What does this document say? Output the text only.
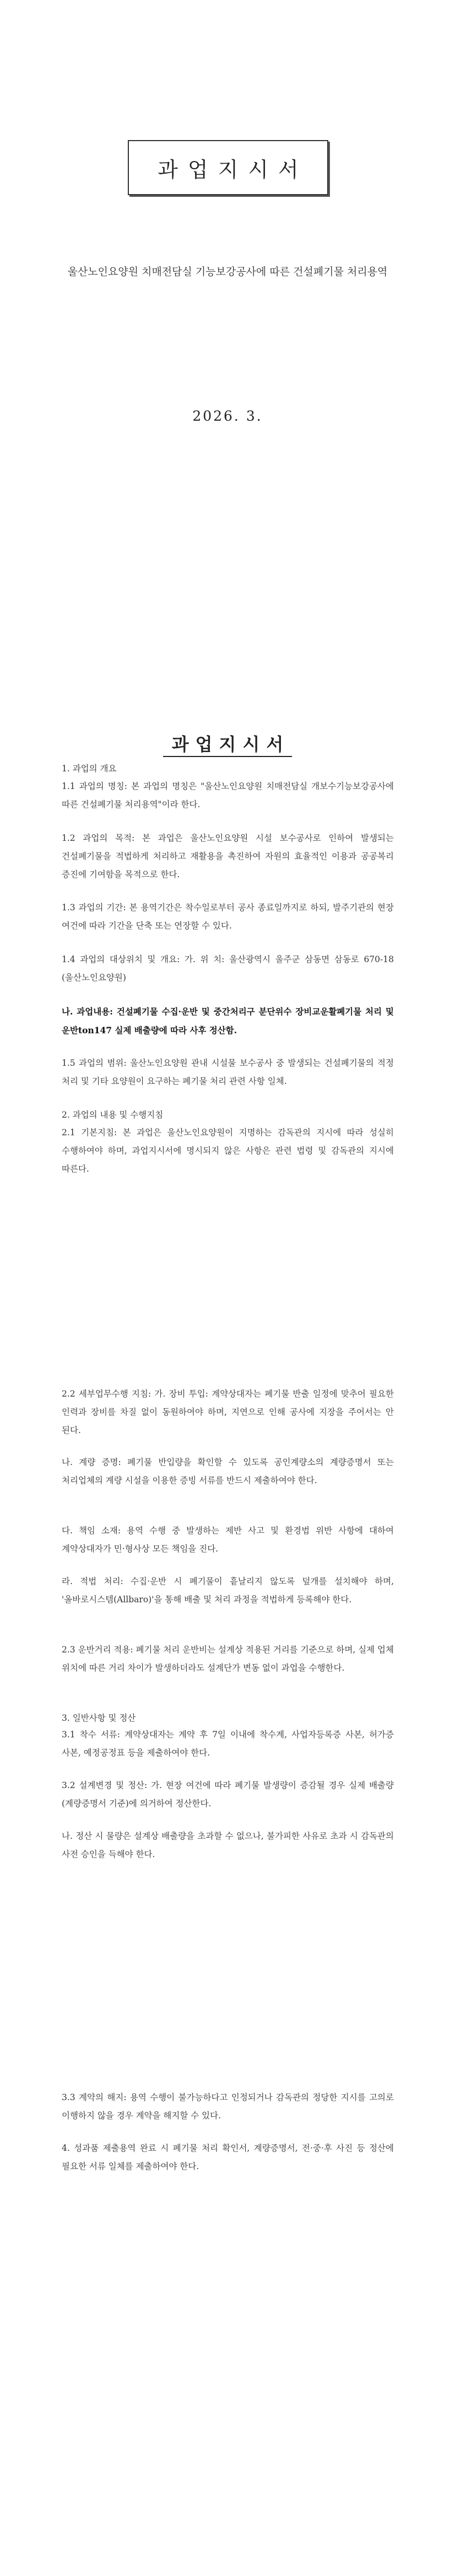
과업지시서
울산노인요양원 치매전담실 기능보강공사에 따른 건설폐기물 처리용역
2026. 3.
과업지시서
1. 과업의 개요
1.1 과업의 명칭: 본 과업의 명칭은 "울산노인요양원 치매전담실 개보수기능보강공사에 따른 건설폐기물 처리용역"이라 한다.
1.2 과업의 목적: 본 과업은 울산노인요양원 시설 보수공사로 인하여 발생되는 건설폐기물을 적법하게 처리하고 재활용을 촉진하여 자원의 효율적인 이용과 공공복리 증진에 기여함을 목적으로 한다.
1.3 과업의 기간: 본 용역기간은 착수일로부터 공사 종료일까지로 하되, 발주기관의 현장 여건에 따라 기간을 단축 또는 연장할 수 있다.
1.4 과업의 대상위치 및 개요: 가. 위 치: 울산광역시 울주군 삼동면 삼동로 670-18 (울산노인요양원)
나. 과업내용: 건설폐기물 수집·운반 및 중간처리구 분단위수 장비교운활폐기물 처리 및 운반ton147 실제 배출량에 따라 사후 정산함.
1.5 과업의 범위: 울산노인요양원 관내 시설물 보수공사 중 발생되는 건설폐기물의 적정 처리 및 기타 요양원이 요구하는 폐기물 처리 관련 사항 일체.
2. 과업의 내용 및 수행지침
2.1 기본지침: 본 과업은 울산노인요양원이 지명하는 감독관의 지시에 따라 성실히 수행하여야 하며, 과업지시서에 명시되지 않은 사항은 관련 법령 및 감독관의 지시에 따른다.
2.2 세부업무수행 지침: 가. 장비 투입: 계약상대자는 폐기물 반출 일정에 맞추어 필요한 인력과 장비를 차질 없이 동원하여야 하며, 지연으로 인해 공사에 지장을 주어서는 안 된다.
나. 계량 증명: 폐기물 반입량을 확인할 수 있도록 공인계량소의 계량증명서 또는 처리업체의 계량 시설을 이용한 증빙 서류를 반드시 제출하여야 한다.
다. 책임 소재: 용역 수행 중 발생하는 제반 사고 및 환경법 위반 사항에 대하여 계약상대자가 민·형사상 모든 책임을 진다.
라. 적법 처리: 수집·운반 시 폐기물이 흩날리지 않도록 덮개를 설치해야 하며, '올바로시스템(Allbaro)'을 통해 배출 및 처리 과정을 적법하게 등록해야 한다.
2.3 운반거리 적용: 폐기물 처리 운반비는 설계상 적용된 거리를 기준으로 하며, 실제 업체 위치에 따른 거리 차이가 발생하더라도 설계단가 변동 없이 과업을 수행한다.
3. 일반사항 및 정산
3.1 착수 서류: 계약상대자는 계약 후 7일 이내에 착수계, 사업자등록증 사본, 허가증 사본, 예정공정표 등을 제출하여야 한다.
3.2 설계변경 및 정산: 가. 현장 여건에 따라 폐기물 발생량이 증감될 경우 실제 배출량(계량증명서 기준)에 의거하여 정산한다.
나. 정산 시 물량은 설계상 배출량을 초과할 수 없으나, 불가피한 사유로 초과 시 감독관의 사전 승인을 득해야 한다.
3.3 계약의 해지: 용역 수행이 불가능하다고 인정되거나 감독관의 정당한 지시를 고의로 이행하지 않을 경우 계약을 해지할 수 있다.
4. 성과품 제출용역 완료 시 폐기물 처리 확인서, 계량증명서, 전·중·후 사진 등 정산에 필요한 서류 일체를 제출하여야 한다.
